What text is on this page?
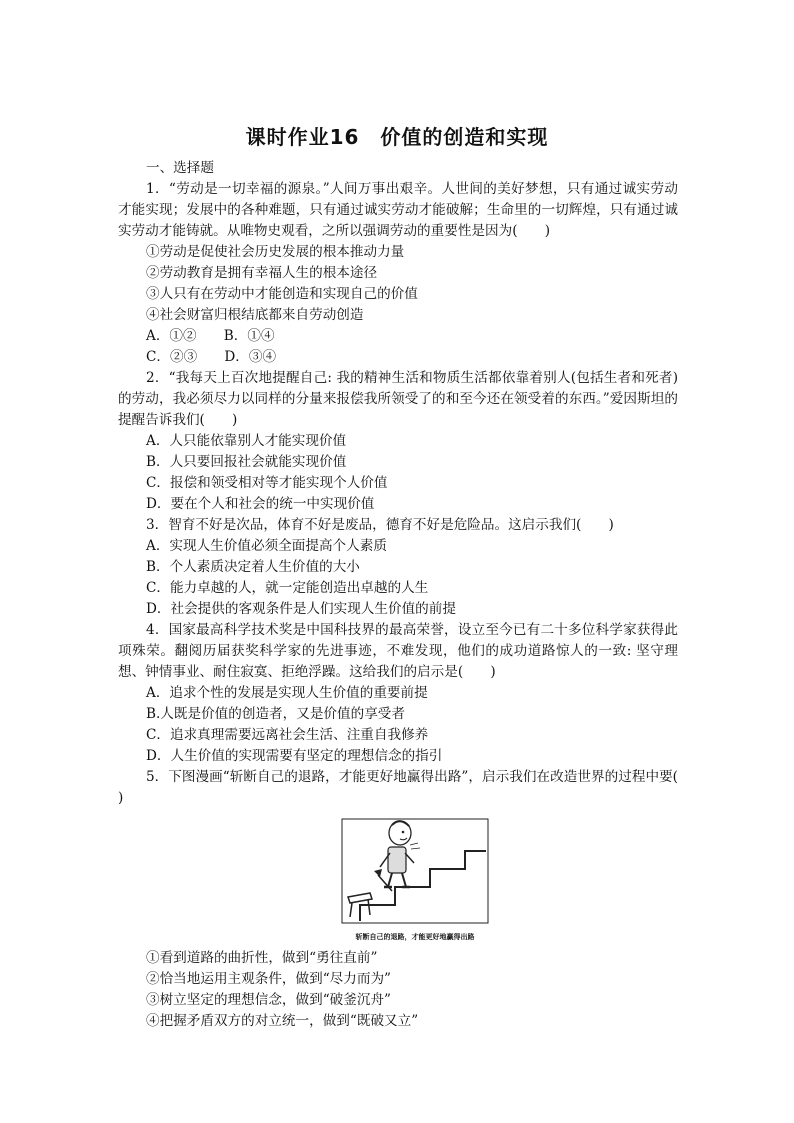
课时作业16　价值的创造和实现
一、选择题
1．“劳动是一切幸福的源泉。”人间万事出艰辛。人世间的美好梦想，只有通过诚实劳动才能实现；发展中的各种难题，只有通过诚实劳动才能破解；生命里的一切辉煌，只有通过诚实劳动才能铸就。从唯物史观看，之所以强调劳动的重要性是因为(　　)
①劳动是促使社会历史发展的根本推动力量
②劳动教育是拥有幸福人生的根本途径
③人只有在劳动中才能创造和实现自己的价值
④社会财富归根结底都来自劳动创造
A．①②　　B．①④
C．②③　　D．③④
2．“我每天上百次地提醒自己: 我的精神生活和物质生活都依靠着别人(包括生者和死者)的劳动，我必须尽力以同样的分量来报偿我所领受了的和至今还在领受着的东西。”爱因斯坦的提醒告诉我们(　　)
A．人只能依靠别人才能实现价值
B．人只要回报社会就能实现价值
C．报偿和领受相对等才能实现个人价值
D．要在个人和社会的统一中实现价值
3．智育不好是次品，体育不好是废品，德育不好是危险品。这启示我们(　　)
A．实现人生价值必须全面提高个人素质
B．个人素质决定着人生价值的大小
C．能力卓越的人，就一定能创造出卓越的人生
D．社会提供的客观条件是人们实现人生价值的前提
4．国家最高科学技术奖是中国科技界的最高荣誉，设立至今已有二十多位科学家获得此项殊荣。翻阅历届获奖科学家的先进事迹，不难发现，他们的成功道路惊人的一致: 坚守理想、钟情事业、耐住寂寞、拒绝浮躁。这给我们的启示是(　　)
A．追求个性的发展是实现人生价值的重要前提
B.人既是价值的创造者，又是价值的享受者
C．追求真理需要远离社会生活、注重自我修养
D．人生价值的实现需要有坚定的理想信念的指引
5．下图漫画“斩断自己的退路，才能更好地赢得出路”，启示我们在改造世界的过程中要(　　)
斩断自己的退路，才能更好地赢得出路
①看到道路的曲折性，做到“勇往直前”
②恰当地运用主观条件，做到“尽力而为”
③树立坚定的理想信念，做到“破釜沉舟”
④把握矛盾双方的对立统一，做到“既破又立”
